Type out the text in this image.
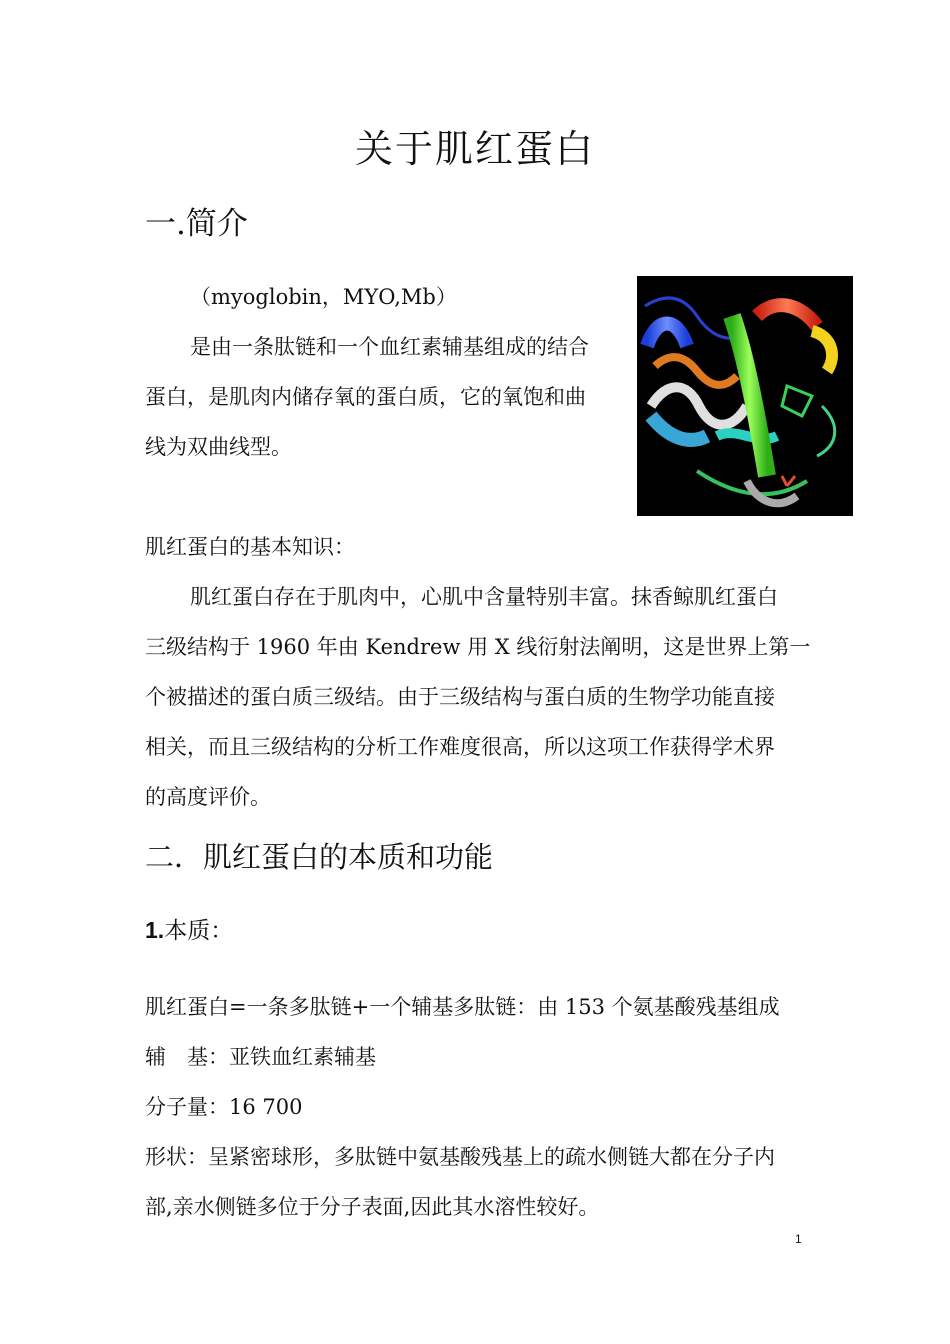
关于肌红蛋白
一.简介
（myoglobin，MYO,Mb）
是由一条肽链和一个血红素辅基组成的结合
蛋白，是肌肉内储存氧的蛋白质，它的氧饱和曲
线为双曲线型。
肌红蛋白的基本知识：
肌红蛋白存在于肌肉中，心肌中含量特别丰富。抹香鲸肌红蛋白
三级结构于 1960 年由 Kendrew 用 X 线衍射法阐明，这是世界上第一
个被描述的蛋白质三级结。由于三级结构与蛋白质的生物学功能直接
相关，而且三级结构的分析工作难度很高，所以这项工作获得学术界
的高度评价。
二．肌红蛋白的本质和功能
1.本质：
肌红蛋白=一条多肽链+一个辅基多肽链：由 153 个氨基酸残基组成
辅　基：亚铁血红素辅基
分子量：16 700
形状：呈紧密球形，多肽链中氨基酸残基上的疏水侧链大都在分子内
部,亲水侧链多位于分子表面,因此其水溶性较好。
1
